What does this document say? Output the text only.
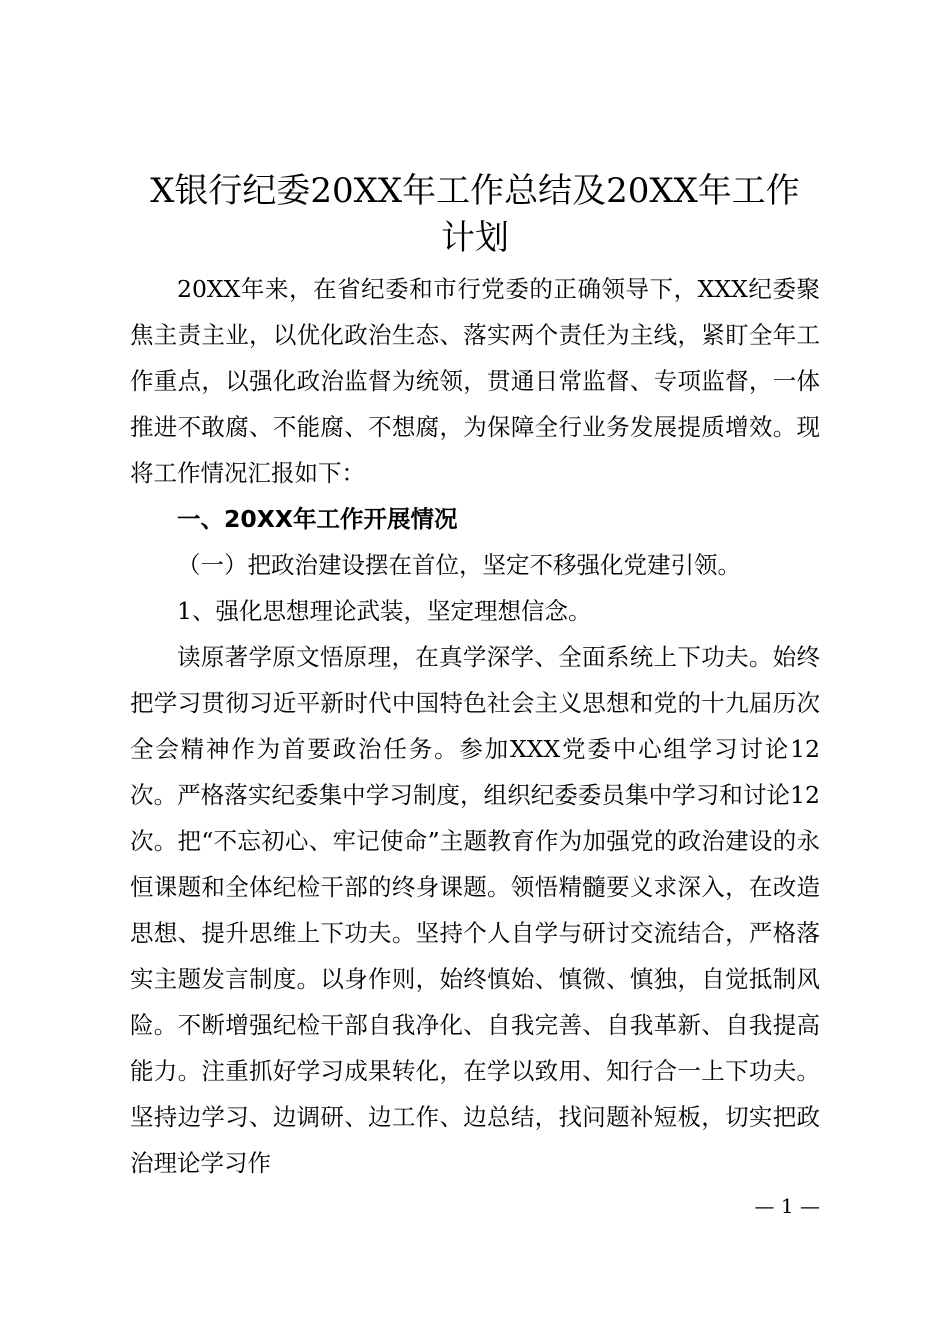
X银行纪委20XX年工作总结及20XX年工作
计划

20XX年来，在省纪委和市行党委的正确领导下，XXX纪委聚焦主责主业，以优化政治生态、落实两个责任为主线，紧盯全年工作重点，以强化政治监督为统领，贯通日常监督、专项监督，一体推进不敢腐、不能腐、不想腐，为保障全行业务发展提质增效。现将工作情况汇报如下：

一、20XX年工作开展情况

（一）把政治建设摆在首位，坚定不移强化党建引领。

1、强化思想理论武装，坚定理想信念。

读原著学原文悟原理，在真学深学、全面系统上下功夫。始终把学习贯彻习近平新时代中国特色社会主义思想和党的十九届历次全会精神作为首要政治任务。参加XXX党委中心组学习讨论12次。严格落实纪委集中学习制度，组织纪委委员集中学习和讨论12次。把“不忘初心、牢记使命”主题教育作为加强党的政治建设的永恒课题和全体纪检干部的终身课题。领悟精髓要义求深入，在改造思想、提升思维上下功夫。坚持个人自学与研讨交流结合，严格落实主题发言制度。以身作则，始终慎始、慎微、慎独，自觉抵制风险。不断增强纪检干部自我净化、自我完善、自我革新、自我提高能力。注重抓好学习成果转化，在学以致用、知行合一上下功夫。坚持边学习、边调研、边工作、边总结，找问题补短板，切实把政治理论学习作

— 1 —
